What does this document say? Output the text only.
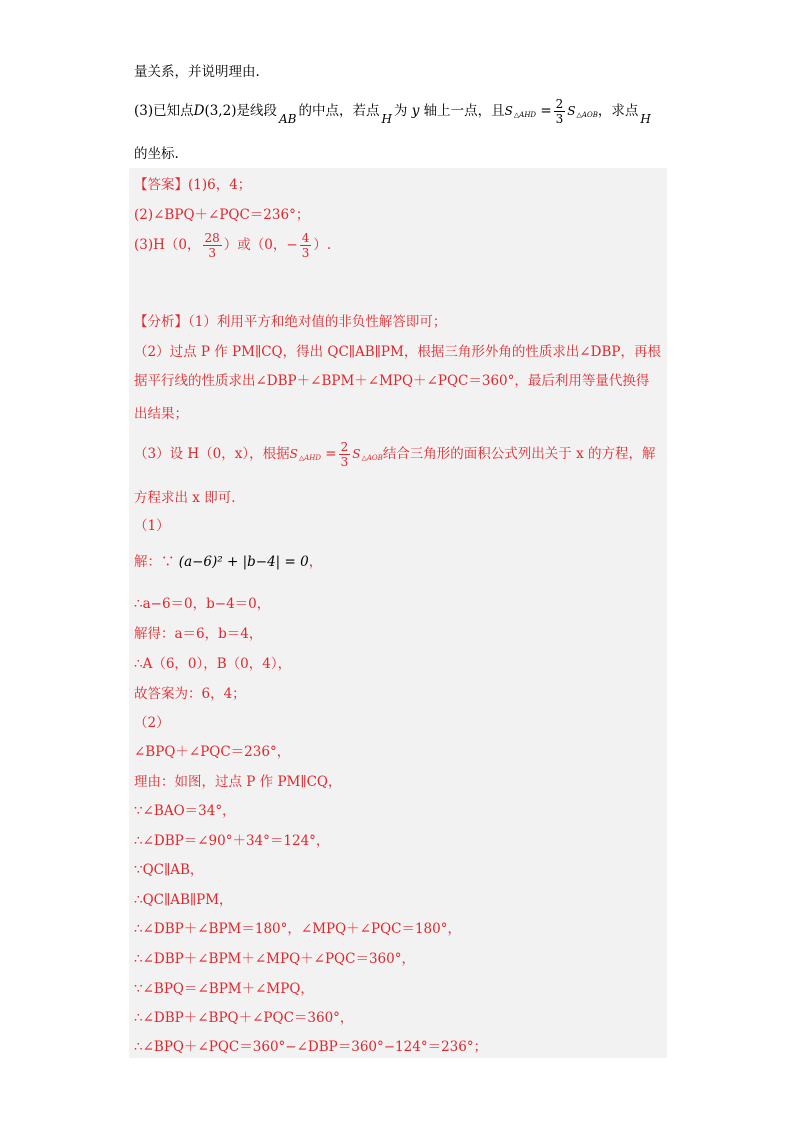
量关系，并说明理由.
(3)已知点D(3,2)是线段 AB 的中点，若点 H 为 y 轴上一点，且$S_{\triangle AHD} = \frac{2}{3} S_{\triangle AOB}$，求点 H
的坐标.
【答案】(1)6，4；
(2)∠BPQ＋∠PQC＝236°；
(3)H（0， $\frac{28}{3}$ ）或（0，− $\frac{4}{3}$ ）.
【分析】（1）利用平方和绝对值的非负性解答即可；
（2）过点 P 作 PM∥CQ，得出 QC∥AB∥PM，根据三角形外角的性质求出∠DBP，再根
据平行线的性质求出∠DBP＋∠BPM＋∠MPQ＋∠PQC＝360°，最后利用等量代换得
出结果；
（3）设 H（0，x），根据$S_{\triangle AHD} = \frac{2}{3} S_{\triangle AOB}$结合三角形的面积公式列出关于 x 的方程，解
方程求出 x 即可.
（1）
解：∵ (a−6)² + |b−4| = 0，
∴a−6＝0，b−4＝0，
解得：a＝6，b＝4，
∴A（6，0），B（0，4），
故答案为：6，4；
（2）
∠BPQ＋∠PQC＝236°，
理由：如图，过点 P 作 PM∥CQ，
∵∠BAO＝34°，
∴∠DBP＝∠90°＋34°＝124°，
∵QC∥AB，
∴QC∥AB∥PM，
∴∠DBP＋∠BPM＝180°，∠MPQ＋∠PQC＝180°，
∴∠DBP＋∠BPM＋∠MPQ＋∠PQC＝360°，
∵∠BPQ＝∠BPM＋∠MPQ，
∴∠DBP＋∠BPQ＋∠PQC＝360°，
∴∠BPQ＋∠PQC＝360°−∠DBP＝360°−124°＝236°；
